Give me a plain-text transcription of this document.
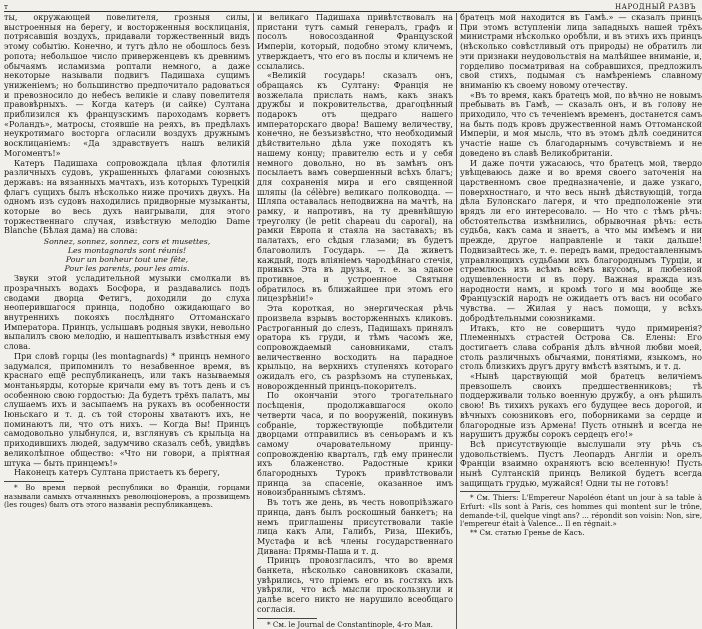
т	НАРОДНЫЙ РАЗВЪ

ты, окружающей повелителя, грозныя силы, выстроенныя на берегу, и восторженныя восклицанія, потрясавшія воздухъ, придавали торжественный видъ этому событію. Конечно, и тутъ дѣло не обошлось безъ ропота; небольшое число приверженцевъ къ древнимъ обычаямъ исламизма роптали немного, а даже некоторые называли подвигъ Падишаха сущимъ униженіемъ; но большинство предпочитало радоваться и превозносило до небесъ великіе и славу повелителя правовѣрныхъ. — Когда катеръ (и сайке) Султана приблизился къ французскимъ пароходамъ корветъ «Роландъ», матросы, стоявшіе на реяхъ, въ предѣлахъ неукротимаго восторга огласили воздухъ дружнымъ восклицаніемъ: «Да здравствуетъ нашъ великій Могоментъ!»

Катеръ Падишаха сопровождала цѣлая флотилія различныхъ судовъ, украшенныхъ флагами союзныхъ державъ: на вязанныхъ мачтахъ, изъ которыхъ Турецкій флагъ сущихъ былъ нѣсколько ниже прочихъ двухъ. На одномъ изъ судовъ находились придворные музыканты, которые во весь духъ наигрывали, для этого торжественнаго случая, извѣстную мелодію Dame Blanche (Бѣлая дама) на слова:

Sonnez, sonnez, sonnez, cors et musettes,
Les montagnards sont réunis!
Pour un bonheur tout une fête,
Pour les parents, pour les amis.

Звуки этой усладительной музыки смолкали въ прозрачныхъ водахъ Босфора, и раздавались подъ сводами дворца Фетигъ, доходили до слуха неоперившагося принца, подобно ожидающаго во внутреннихъ покояхъ послѣдняго Оттоманскаго Императора. Принцъ, услышавъ родныя звуки, невольно выпалилъ свою мелодію, и нашептывалъ извѣстныя ему слова.

При словѣ горцы (les montagnards) * принцъ немного задумался, припомнилъ то незабвенное время, въ краснаго ещё республиканецъ, или такъ называемыя монтаньярды, которые кричали ему въ тотъ день и съ особенною свою гордостью: Да будетъ трёхъ палатъ, мы слушаемъ ихъ и засыпаемъ на рукахъ въ особенности Іюньскаго и т. д. съ той стороны хватаютъ ихъ, не поминаютъ ли, что отъ нихъ. — Когда Вы! Принцъ самодовольно улыбнулся, и, взглянувъ съ крыльца на приходившихъ людей, задумчиво сказалъ себѣ, увидѣвъ великолѣпное общество: «Что ни говори, а пріятная штука — быть принцемъ!»

Наконецъ катеръ Султана пристаетъ къ берегу,

* Во время первой республики во Франціи, горцами называли самыхъ отчаянныхъ революціонеровъ, а прозвищемъ (les rouges) былъ отъ этого названія республиканцевъ.

и великаго Падишаха привѣтствовалъ на пристани тутъ самый генералъ, графъ и посолъ новосозданной Французской Имперіи, который, подобно этому кличемъ, утверждаетъ, что его въ послы и кличемъ не ссылались.

«Великій государь! сказалъ онъ, обращаясь къ Султану: Франція не возжелала прислать намъ, какъ знакъ дружбы и покровительства, драгоцѣнный подарокъ отъ щедраго нашего императорскаго двора! Вашему величеству, конечно, не безъизвѣстно, что необходимый дѣйствительно дѣла уже походятъ къ нашему концу; правителю есть и у себя немного довольно, но въ замѣнъ онъ посылаетъ вамъ совершенный всѣхъ благъ; для сохраненія мира и его священной шляпы (la célèbre) великаго полководца. — Шляпа оставалась неподвижна на мачтѣ, на рамку, и напротивъ, на ту древнѣйшую треуголку (le petit chapeau du caporal), на рамки Европа и стаяла на заставахъ; въ палатахъ, его сѣдыя глазами; въ будетъ благоволилъ Государь. — Да живетъ каждый, подъ вліяніемъ чародѣйнаго стечія, привыкъ Эта въ друзья, т. е. за эдакое противное, и устроенное Святыня обратилось въ ближайшее при этомъ его лицезрѣніи!»

Эта короткая, но энергическая рѣчь произвела взрывъ восторженныхъ кликовъ. Растроганный до слезъ, Падишахъ принялъ оратора къ груди, и тѣмъ часомъ же, сопровождаемый сановниками, сталъ величественно восходить на парадное крыльцо, на верхнихъ ступеняхъ котораго ожидалъ его, съ разрѣзомъ на ступеньках, новорожденный принцъ-покорителъ.

По окончаніи этого трогательнаго посѣщенія, продолжавшагося около четверти часа, и по вооруженій, покинувъ собраніе, торжествующіе побѣдители дворцами отправились въ сеньорамъ и къ самому очаровательному принцу-сопровожденію кварталъ, гдѣ ему принесли ихъ блаженство. Радостные крики благородныхъ Турокъ привѣтствовали принца за спасеніе, оказанное имъ новоизбраннымъ сѣтямъ.

Въ тотъ же день, въ честь новопріѣзжаго принца, данъ былъ роскошный банкетъ; на немъ приглашены присутствовали такіе лица какъ Али, Галибъ, Риза, Шекибъ, Мустафа и всѣ члены государственнаго Дивана: Прямы-Паша и т. д.

Принцъ провозгласилъ, что во время банкета, нѣсколько сановниковъ сказали, увѣрились, что пріемъ его въ гостяхъ ихъ увѣряли, что всѣ мысли проскользнули и далѣе всего никто не нарушило всеобщаго согласія.

* См. le Journal de Constantinople, 4-го Мая.

братецъ мой находится въ Гамѣ.» — сказалъ принцъ При этомъ вступленіи лица западныхъ нашей трёхъ министрами нѣсколько оробѣли, и въ этихъ ихъ принцъ (нѣсколько совѣстливый отъ природы) не обратилъ ли эти признаки неудовольствія на малѣйшее вниманіе, и, горделиво посматривая на собравшихся, предложилъ свой стихъ, подымая съ намѣреніемъ славному вниманію къ своему новому отечеству.

«Въ то время, какъ братецъ мой, по вѣчно не новымъ пребывать въ Гамѣ, — сказалъ онъ, и въ голову не приходило, что съ теченіемъ временъ, достанется самъ на быть подъ кровъ дружественной намъ Оттоманской Имперіи, и моя мысль, что въ этомъ дѣлѣ соединится участіе наше съ благодарнымъ сочувствіемъ и не доведено въ славѣ Великобританіи.

И даже почти ужасаюсь, что братецъ мой, твердо увѣщеваюсь даже и во время своего заточенія на царственномъ свое предназначеніе, и даже узкаго, поверхностнаго, и что весь нынѣ дѣйствующій, тогда дѣла Булонскаго лагеря, и что предположеніе эти врядъ ли его интересовало. — Но что с тѣмъ рѣчь: обстоятельства измѣнились, обрывочная рѣчь: есть судьба, какъ сама и знаетъ, а что мы имѣемъ и ни прежде, другое направленіе и таки дальше! Подвизайтесь же, т. е. передъ вами, предоставленнымъ управляющихъ судьбами ихъ благороднымъ Турціи, и стремлюсь изъ всѣмъ всёмъ вкусомъ, и любезной одушевленности и въ пору. Важная вражда изъ народности намъ, и кромѣ того и мы вообще же Французскій народъ не ожидаетъ отъ васъ ни особаго чувства. — Жилая у насъ помощи, у всѣхъ добродѣтельными союзниками.

Итакъ, кто не совершитъ чудо примиренія? Племенныхъ страстей Острова Св. Елены: Его достигаетъ слава собранія дѣлъ вѣчной любви моей, столь различныхъ обычаями, понятіями, языкомъ, но столь близкихъ другъ другу вмѣстѣ взятымъ, и т. д.

«Нынѣ царствующій мой братецъ величіемъ превзошелъ своихъ предшественниковъ; тѣ поддерживали только военную дружбу, а онъ рѣшилъ свою! Въ тихихъ рукахъ его будущее весь дорогой, и вѣчныхъ союзниковъ его, поборниками за сердце и благородные изъ Армена! Пусть отнынѣ и всегда не нарушитъ дружбы сорокъ сердецъ его!»

Всѣ присутствующіе выслушали эту рѣчь съ удовольствіемъ. Пустъ Леопардъ Англіи и орелъ Франціи взаимно охраняютъ всю вселенную! Пусть нынѣ Султанскій принцъ Великой будетъ всегда защищать грудью, мужайся! Одни ты не готовъ!

* Cм. Thiers: L'Empereur Napoléon étant un jour à sa table à Erfurt: «Ils sont à Paris, ces hommes qui montent sur le trône, demande-t-il, quelque vingt ans? ... répondit son voisin: Non, sire, l'empereur était à Valence... Il en régnait.»

** См. статью Гренье de Касъ.
